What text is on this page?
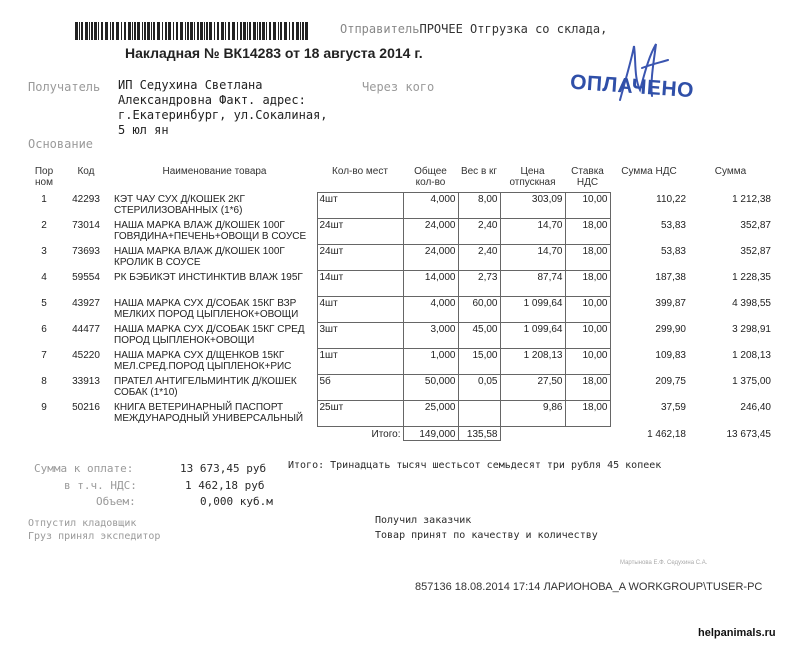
ОтправительПРОЧЕЕ Отгрузка со склада,
Накладная № ВК14283 от 18 августа 2014 г.
Получатель ИП Седухина Светлана
Александровна Факт. адрес:
г.Екатеринбург, ул.Сокалиная,
5 юл ян
Через кого
Основание
ОПЛАЧЕНО
Пор ном	Код	Наименование товара	Кол-во мест	Общее кол-во	Вес в кг	Цена отпускная	Ставка НДС	Сумма НДС	Сумма
1	42293	КЭТ ЧАУ СУХ Д/КОШЕК 2КГ СТЕРИЛИЗОВАННЫХ (1*6)	4шт	4,000	8,00	303,09	10,00	110,22	1 212,38
2	73014	НАША МАРКА ВЛАЖ Д/КОШЕК 100Г ГОВЯДИНА+ПЕЧЕНЬ+ОВОЩИ В СОУСЕ	24шт	24,000	2,40	14,70	18,00	53,83	352,87
3	73693	НАША МАРКА ВЛАЖ Д/КОШЕК 100Г КРОЛИК В СОУСЕ	24шт	24,000	2,40	14,70	18,00	53,83	352,87
4	59554	РК БЭБИКЭТ ИНСТИНКТИВ ВЛАЖ 195Г	14шт	14,000	2,73	87,74	18,00	187,38	1 228,35
5	43927	НАША МАРКА СУХ Д/СОБАК 15КГ ВЗР МЕЛКИХ ПОРОД ЦЫПЛЕНОК+ОВОЩИ	4шт	4,000	60,00	1 099,64	10,00	399,87	4 398,55
6	44477	НАША МАРКА СУХ Д/СОБАК 15КГ СРЕД ПОРОД ЦЫПЛЕНОК+ОВОЩИ	3шт	3,000	45,00	1 099,64	10,00	299,90	3 298,91
7	45220	НАША МАРКА СУХ Д/ЩЕНКОВ 15КГ МЕЛ.СРЕД.ПОРОД ЦЫПЛЕНОК+РИС	1шт	1,000	15,00	1 208,13	10,00	109,83	1 208,13
8	33913	ПРАТЕЛ АНТИГЕЛЬМИНТИК Д/КОШЕК СОБАК (1*10)	5б	50,000	0,05	27,50	18,00	209,75	1 375,00
9	50216	КНИГА ВЕТЕРИНАРНЫЙ ПАСПОРТ МЕЖДУНАРОДНЫЙ УНИВЕРСАЛЬНЫЙ	25шт	25,000		9,86	18,00	37,59	246,40
Итого:				149,000	135,58			1 462,18	13 673,45
Сумма к оплате:	13 673,45 руб
в т.ч. НДС:	1 462,18 руб
Объем:	0,000 куб.м
Итого: Тринадцать тысяч шестьсот семьдесят три рубля 45 копеек
Отпустил кладовщик
Груз принял экспедитор
Получил заказчик
Товар принят по качеству и количеству
Мартынова Е.Ф. Седухина С.А.
857136 18.08.2014 17:14 ЛАРИОНОВА_A WORKGROUP\TUSER-PC
helpanimals.ru
